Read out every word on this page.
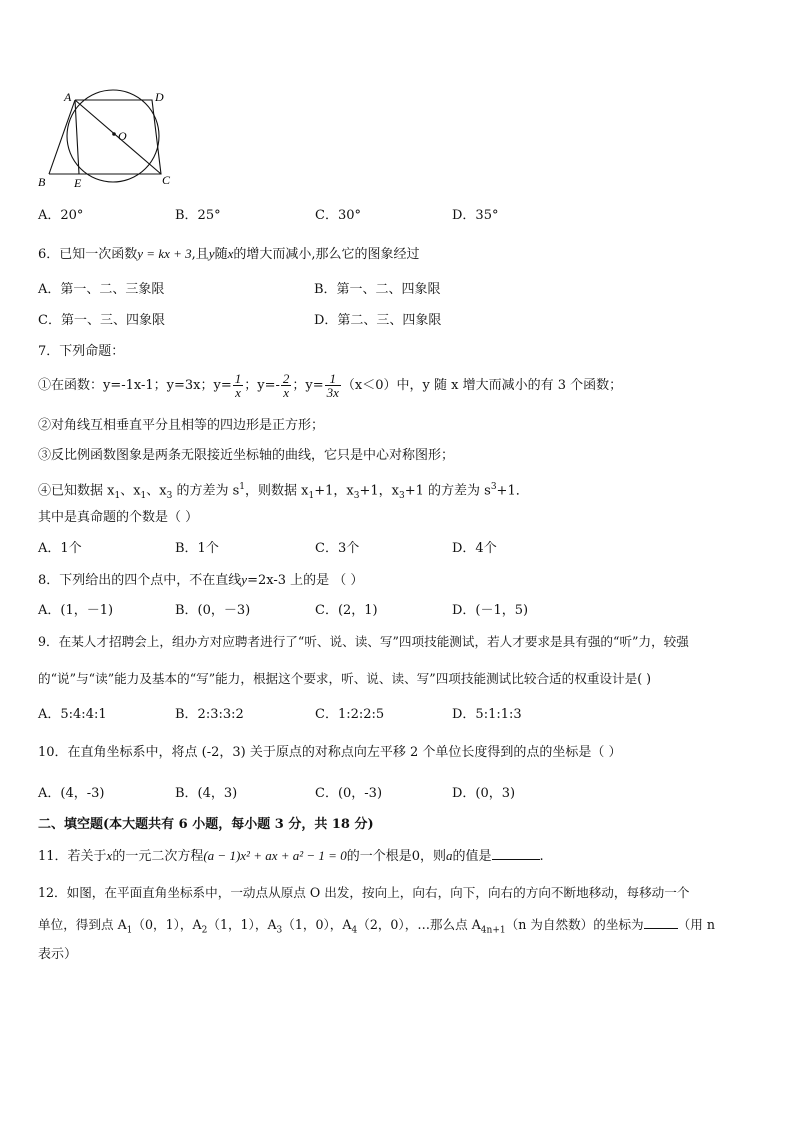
A	D
O
B E	C
A．20°	B．25°	C．30°	D．35°
6．已知一次函数y = kx + 3,且y随x的增大而减小,那么它的图象经过
A．第一、二、三象限	B．第一、二、四象限
C．第一、三、四象限	D．第二、三、四象限
7．下列命题：
①在函数：y=-1x-1；y=3x；$y= \frac{1}{x}$ ；$y=- \frac{2}{x}$ ；$y= \frac{1}{3x} (x<0)$中，y 随 x 增大而减小的有 3 个函数；
②对角线互相垂直平分且相等的四边形是正方形；
③反比例函数图象是两条无限接近坐标轴的曲线，它只是中心对称图形；
④已知数据 $x_1$、$x_1$、$x_3$ 的方差为 $s^1$，则数据 $x_1+1$，$x_3+1$，$x_3+1$ 的方差为 $s^3+1$．
其中是真命题的个数是（ ）
A．1个	B．1个	C．3个	D．4个
8．下列给出的四个点中，不在直线y=2x-3 上的是 （ ）
A．(1，－1)	B．(0，－3)	C．(2，1)	D．(－1，5)
9．在某人才招聘会上，组办方对应聘者进行了“听、说、读、写”四项技能测试，若人才要求是具有强的“听”力，较强
的“说”与“读”能力及基本的“写”能力，根据这个要求，听、说、读、写”四项技能测试比较合适的权重设计是( )
A．5:4:4:1	B．2:3:3:2	C．1:2:2:5	D．5:1:1:3
10．在直角坐标系中，将点 (-2，3) 关于原点的对称点向左平移 2 个单位长度得到的点的坐标是（ ）
A．(4，-3)	B．(4，3)	C．(0，-3)	D．(0，3)
二、填空题(本大题共有 6 小题，每小题 3 分，共 18 分)
11．若关于x的一元二次方程(a − 1)x² + ax + a² − 1 = 0的一个根是0，则a的值是	.
12．如图，在平面直角坐标系中，一动点从原点 O 出发，按向上，向右，向下，向右的方向不断地移动，每移动一个
单位，得到点 $A_1(0$，1），$A_2(1$，1），$A_3(1$，0），$A_4(2$，0），…那么点 $A_{4n+1}(n$ 为自然数）的坐标为	（用 n
表示）
